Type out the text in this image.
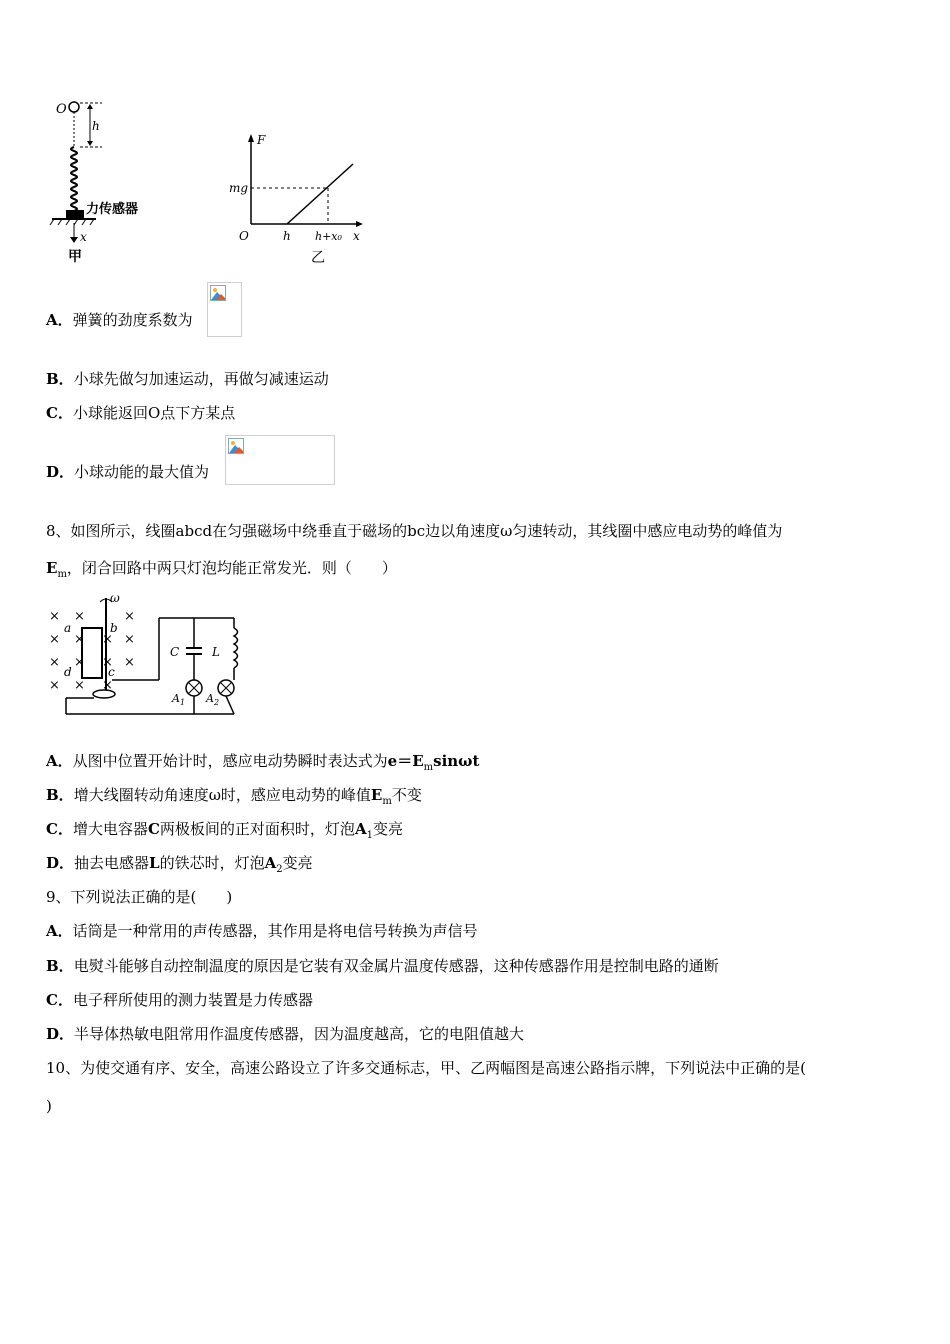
O
h
力传感器
x
甲
F
mg
O	h h+x₀ x
乙
A．弹簧的劲度系数为
B．小球先做匀加速运动，再做匀减速运动
C．小球能返回O点下方某点
D．小球动能的最大值为
8、如图所示，线圈abcd在匀强磁场中绕垂直于磁场的bc边以角速度ω匀速转动，其线圈中感应电动势的峰值为
$E_m$，闭合回路中两只灯泡均能正常发光．则（　　）
×
×
×
×
×
×
×
×
×
×
×
×
×
×
ω
a	b
c
d
C
$A_1$
L
$A_2$
A．从图中位置开始计时，感应电动势瞬时表达式为$e=E_m\sin\omega t$
B．增大线圈转动角速度ω时，感应电动势的峰值$E_m$不变
C．增大电容器C两极板间的正对面积时，灯泡$A_1$变亮
D．抽去电感器L的铁芯时，灯泡$A_2$变亮
9、下列说法正确的是(　　)
A．话筒是一种常用的声传感器，其作用是将电信号转换为声信号
B．电熨斗能够自动控制温度的原因是它装有双金属片温度传感器，这种传感器作用是控制电路的通断
C．电子秤所使用的测力装置是力传感器
D．半导体热敏电阻常用作温度传感器，因为温度越高，它的电阻值越大
10、为使交通有序、安全，高速公路设立了许多交通标志，甲、乙两幅图是高速公路指示牌，下列说法中正确的是(
)
